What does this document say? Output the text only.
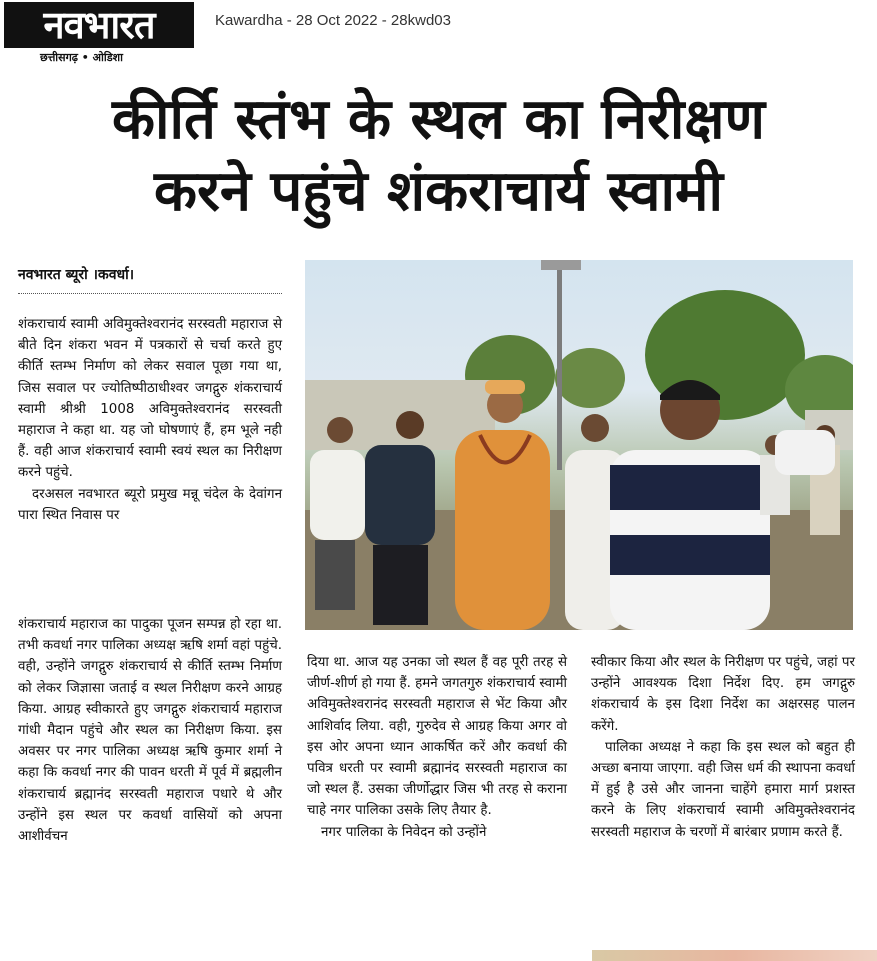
नवभारत
छत्तीसगढ़ • ओडिशा
Kawardha - 28 Oct 2022 - 28kwd03
कीर्ति स्तंभ के स्थल का निरीक्षण
करने पहुंचे शंकराचार्य स्वामी
नवभारत ब्यूरो ।कवर्धा।

शंकराचार्य स्वामी अविमुक्तेश्वरानंद सरस्वती महाराज से बीते दिन शंकरा भवन में पत्रकारों से चर्चा करते हुए कीर्ति स्तम्भ निर्माण को लेकर सवाल पूछा गया था, जिस सवाल पर ज्योतिष्पीठाधीश्वर जगद्गुरु शंकराचार्य स्वामी श्रीश्री 1008 अविमुक्तेश्वरानंद सरस्वती महाराज ने कहा था. यह जो घोषणाएं हैं, हम भूले नही हैं. वही आज शंकराचार्य स्वामी स्वयं स्थल का निरीक्षण करने पहुंचे.

दरअसल नवभारत ब्यूरो प्रमुख मन्नू चंदेल के देवांगन पारा स्थित निवास पर

शंकराचार्य महाराज का पादुका पूजन सम्पन्न हो रहा था. तभी कवर्धा नगर पालिका अध्यक्ष ऋषि शर्मा वहां पहुंचे. वही, उन्होंने जगद्गुरु शंकराचार्य से कीर्ति स्तम्भ निर्माण को लेकर जिज्ञासा जताई व स्थल निरीक्षण करने आग्रह किया. आग्रह स्वीकारते हुए जगद्गुरु शंकराचार्य महाराज गांधी मैदान पहुंचे और स्थल का निरीक्षण किया. इस अवसर पर नगर पालिका अध्यक्ष ऋषि कुमार शर्मा ने कहा कि कवर्धा नगर की पावन धरती में पूर्व में ब्रह्मलीन शंकराचार्य ब्रह्मानंद सरस्वती महाराज पधारे थे और उन्होंने इस स्थल पर कवर्धा वासियों को अपना आशीर्वचन

दिया था. आज यह उनका जो स्थल हैं वह पूरी तरह से जीर्ण-शीर्ण हो गया हैं. हमने जगतगुरु शंकराचार्य स्वामी अविमुक्तेश्वरानंद सरस्वती महाराज से भेंट किया और आशिर्वाद लिया. वही, गुरुदेव से आग्रह किया अगर वो इस ओर अपना ध्यान आकर्षित करें और कवर्धा की पवित्र धरती पर स्वामी ब्रह्मानंद सरस्वती महाराज का जो स्थल हैं. उसका जीर्णोद्धार जिस भी तरह से कराना चाहे नगर पालिका उसके लिए तैयार है.

नगर पालिका के निवेदन को उन्होंने

स्वीकार किया और स्थल के निरीक्षण पर पहुंचे, जहां पर उन्होंने आवश्यक दिशा निर्देश दिए. हम जगद्गुरु शंकराचार्य के इस दिशा निर्देश का अक्षरसह पालन करेंगे.

पालिका अध्यक्ष ने कहा कि इस स्थल को बहुत ही अच्छा बनाया जाएगा. वही जिस धर्म की स्थापना कवर्धा में हुई है उसे और जानना चाहेंगे हमारा मार्ग प्रशस्त करने के लिए शंकराचार्य स्वामी अविमुक्तेश्वरानंद सरस्वती महाराज के चरणों में बारंबार प्रणाम करते हैं.
